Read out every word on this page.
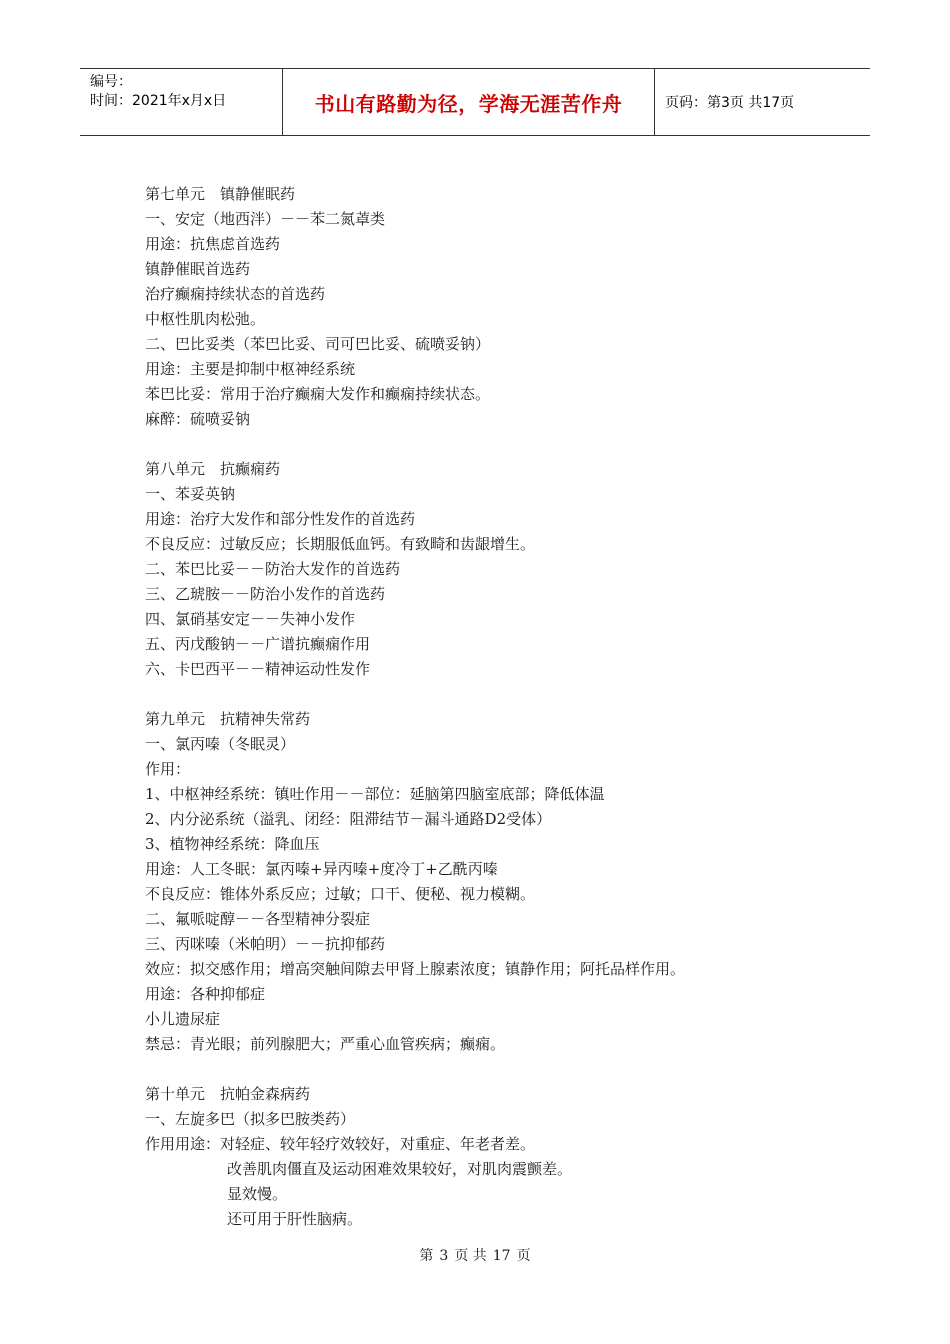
编号：
时间：2021年x月x日	书山有路勤为径，学海无涯苦作舟	页码：第3页 共17页
第七单元　镇静催眠药
一、安定（地西泮）－－苯二氮䓬类
用途：抗焦虑首选药
镇静催眠首选药
治疗癫痫持续状态的首选药
中枢性肌肉松弛。
二、巴比妥类（苯巴比妥、司可巴比妥、硫喷妥钠）
用途：主要是抑制中枢神经系统
苯巴比妥：常用于治疗癫痫大发作和癫痫持续状态。
麻醉：硫喷妥钠
第八单元　抗癫痫药
一、苯妥英钠
用途：治疗大发作和部分性发作的首选药
不良反应：过敏反应；长期服低血钙。有致畸和齿龈增生。
二、苯巴比妥－－防治大发作的首选药
三、乙琥胺－－防治小发作的首选药
四、氯硝基安定－－失神小发作
五、丙戊酸钠－－广谱抗癫痫作用
六、卡巴西平－－精神运动性发作
第九单元　抗精神失常药
一、氯丙嗪（冬眠灵）
作用：
1、中枢神经系统：镇吐作用－－部位：延脑第四脑室底部；降低体温
2、内分泌系统（溢乳、闭经：阻滞结节－漏斗通路D2受体）
3、植物神经系统：降血压
用途：人工冬眠：氯丙嗪+异丙嗪+度冷丁+乙酰丙嗪
不良反应：锥体外系反应；过敏；口干、便秘、视力模糊。
二、氟哌啶醇－－各型精神分裂症
三、丙咪嗪（米帕明）－－抗抑郁药
效应：拟交感作用；增高突触间隙去甲肾上腺素浓度；镇静作用；阿托品样作用。
用途：各种抑郁症
小儿遗尿症
禁忌：青光眼；前列腺肥大；严重心血管疾病；癫痫。
第十单元　抗帕金森病药
一、左旋多巴（拟多巴胺类药）
作用用途：对轻症、较年轻疗效较好，对重症、年老者差。
改善肌肉僵直及运动困难效果较好，对肌肉震颤差。
显效慢。
还可用于肝性脑病。
第 3 页 共 17 页
